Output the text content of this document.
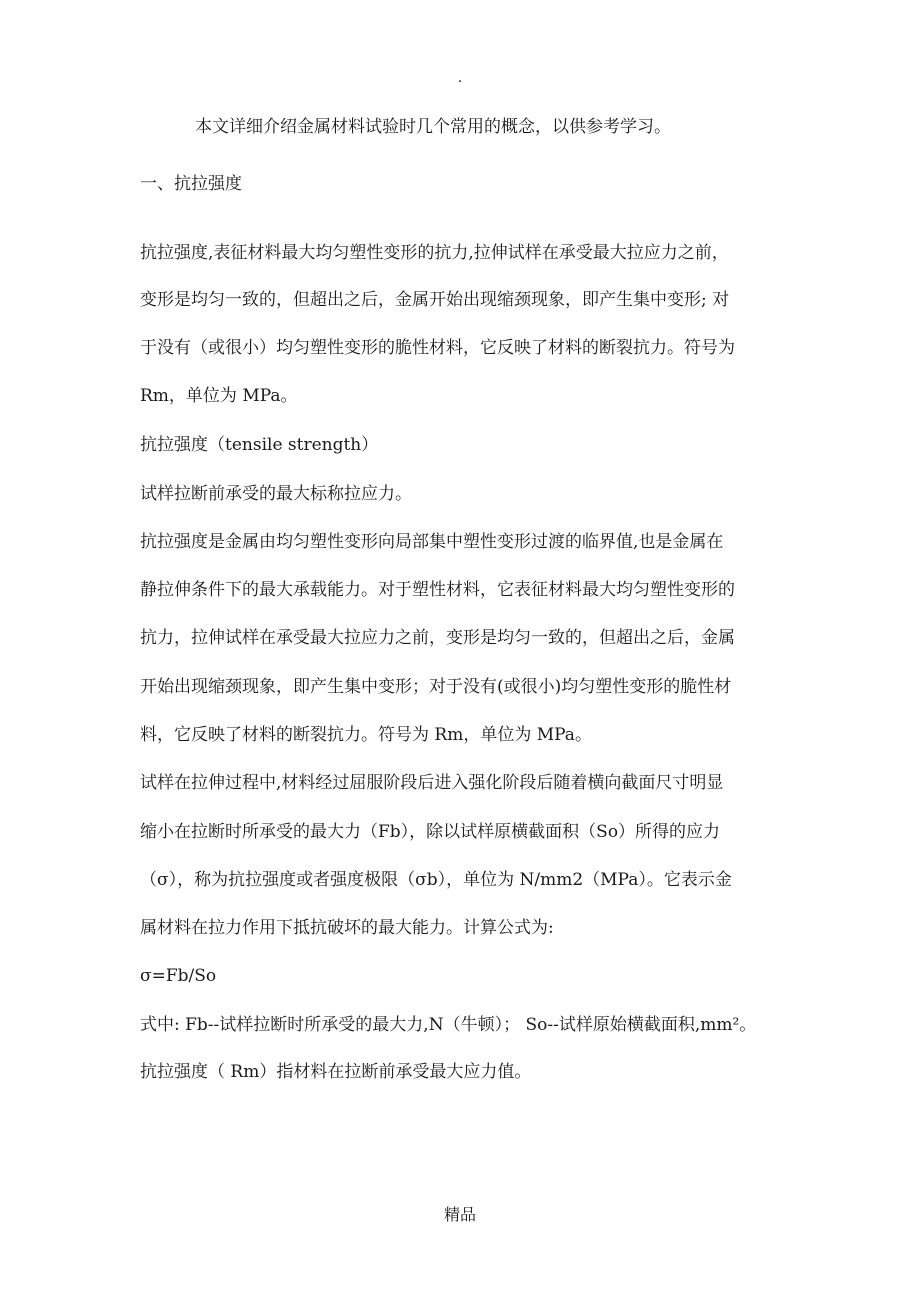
.
本文详细介绍金属材料试验时几个常用的概念，以供参考学习。
一、抗拉强度
抗拉强度,表征材料最大均匀塑性变形的抗力,拉伸试样在承受最大拉应力之前，
变形是均匀一致的，但超出之后，金属开始出现缩颈现象，即产生集中变形; 对
于没有（或很小）均匀塑性变形的脆性材料，它反映了材料的断裂抗力。符号为
Rm，单位为 MPa。
抗拉强度（tensile strength）
试样拉断前承受的最大标称拉应力。
抗拉强度是金属由均匀塑性变形向局部集中塑性变形过渡的临界值,也是金属在
静拉伸条件下的最大承载能力。对于塑性材料，它表征材料最大均匀塑性变形的
抗力，拉伸试样在承受最大拉应力之前，变形是均匀一致的，但超出之后，金属
开始出现缩颈现象，即产生集中变形；对于没有(或很小)均匀塑性变形的脆性材
料，它反映了材料的断裂抗力。符号为 Rm，单位为 MPa。
试样在拉伸过程中,材料经过屈服阶段后进入强化阶段后随着横向截面尺寸明显
缩小在拉断时所承受的最大力（Fb），除以试样原横截面积（So）所得的应力
（σ），称为抗拉强度或者强度极限（σb），单位为 N/mm2（MPa）。它表示金
属材料在拉力作用下抵抗破坏的最大能力。计算公式为:
σ=Fb/So
式中: Fb--试样拉断时所承受的最大力,N（牛顿）； So--试样原始横截面积,mm²。
抗拉强度（ Rm）指材料在拉断前承受最大应力值。
精品
